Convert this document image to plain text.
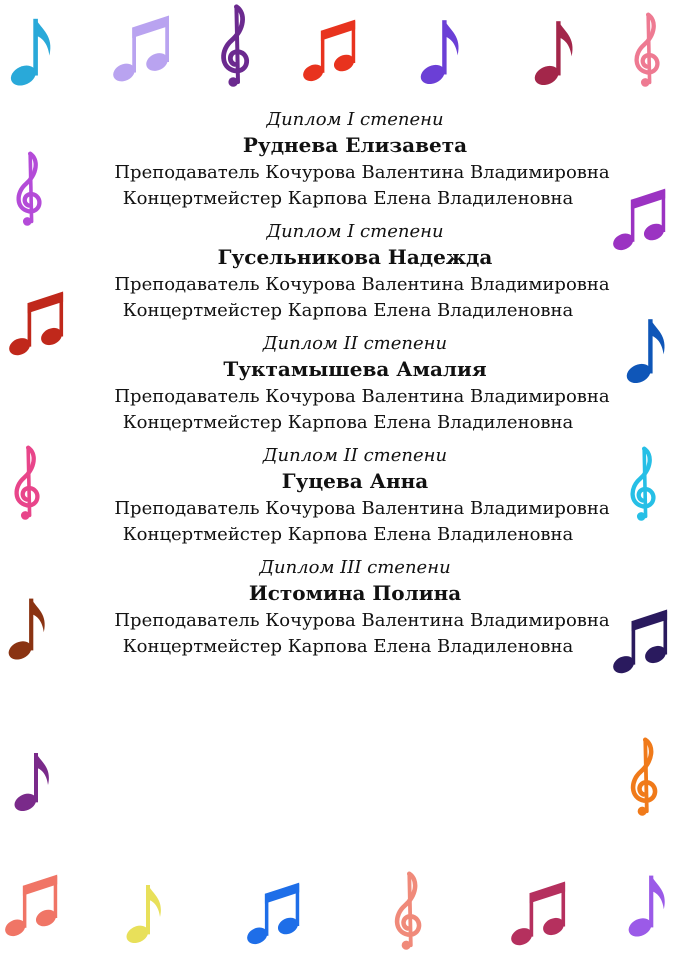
Диплом I степени
Руднева Елизавета
Преподаватель Кочурова Валентина Владимировна
Концертмейстер Карпова Елена Владиленовна
Диплом I степени
Гусельникова Надежда
Преподаватель Кочурова Валентина Владимировна
Концертмейстер Карпова Елена Владиленовна
Диплом II степени
Туктамышева Амалия
Преподаватель Кочурова Валентина Владимировна
Концертмейстер Карпова Елена Владиленовна
Диплом II степени
Гуцева Анна
Преподаватель Кочурова Валентина Владимировна
Концертмейстер Карпова Елена Владиленовна
Диплом III степени
Истомина Полина
Преподаватель Кочурова Валентина Владимировна
Концертмейстер Карпова Елена Владиленовна
